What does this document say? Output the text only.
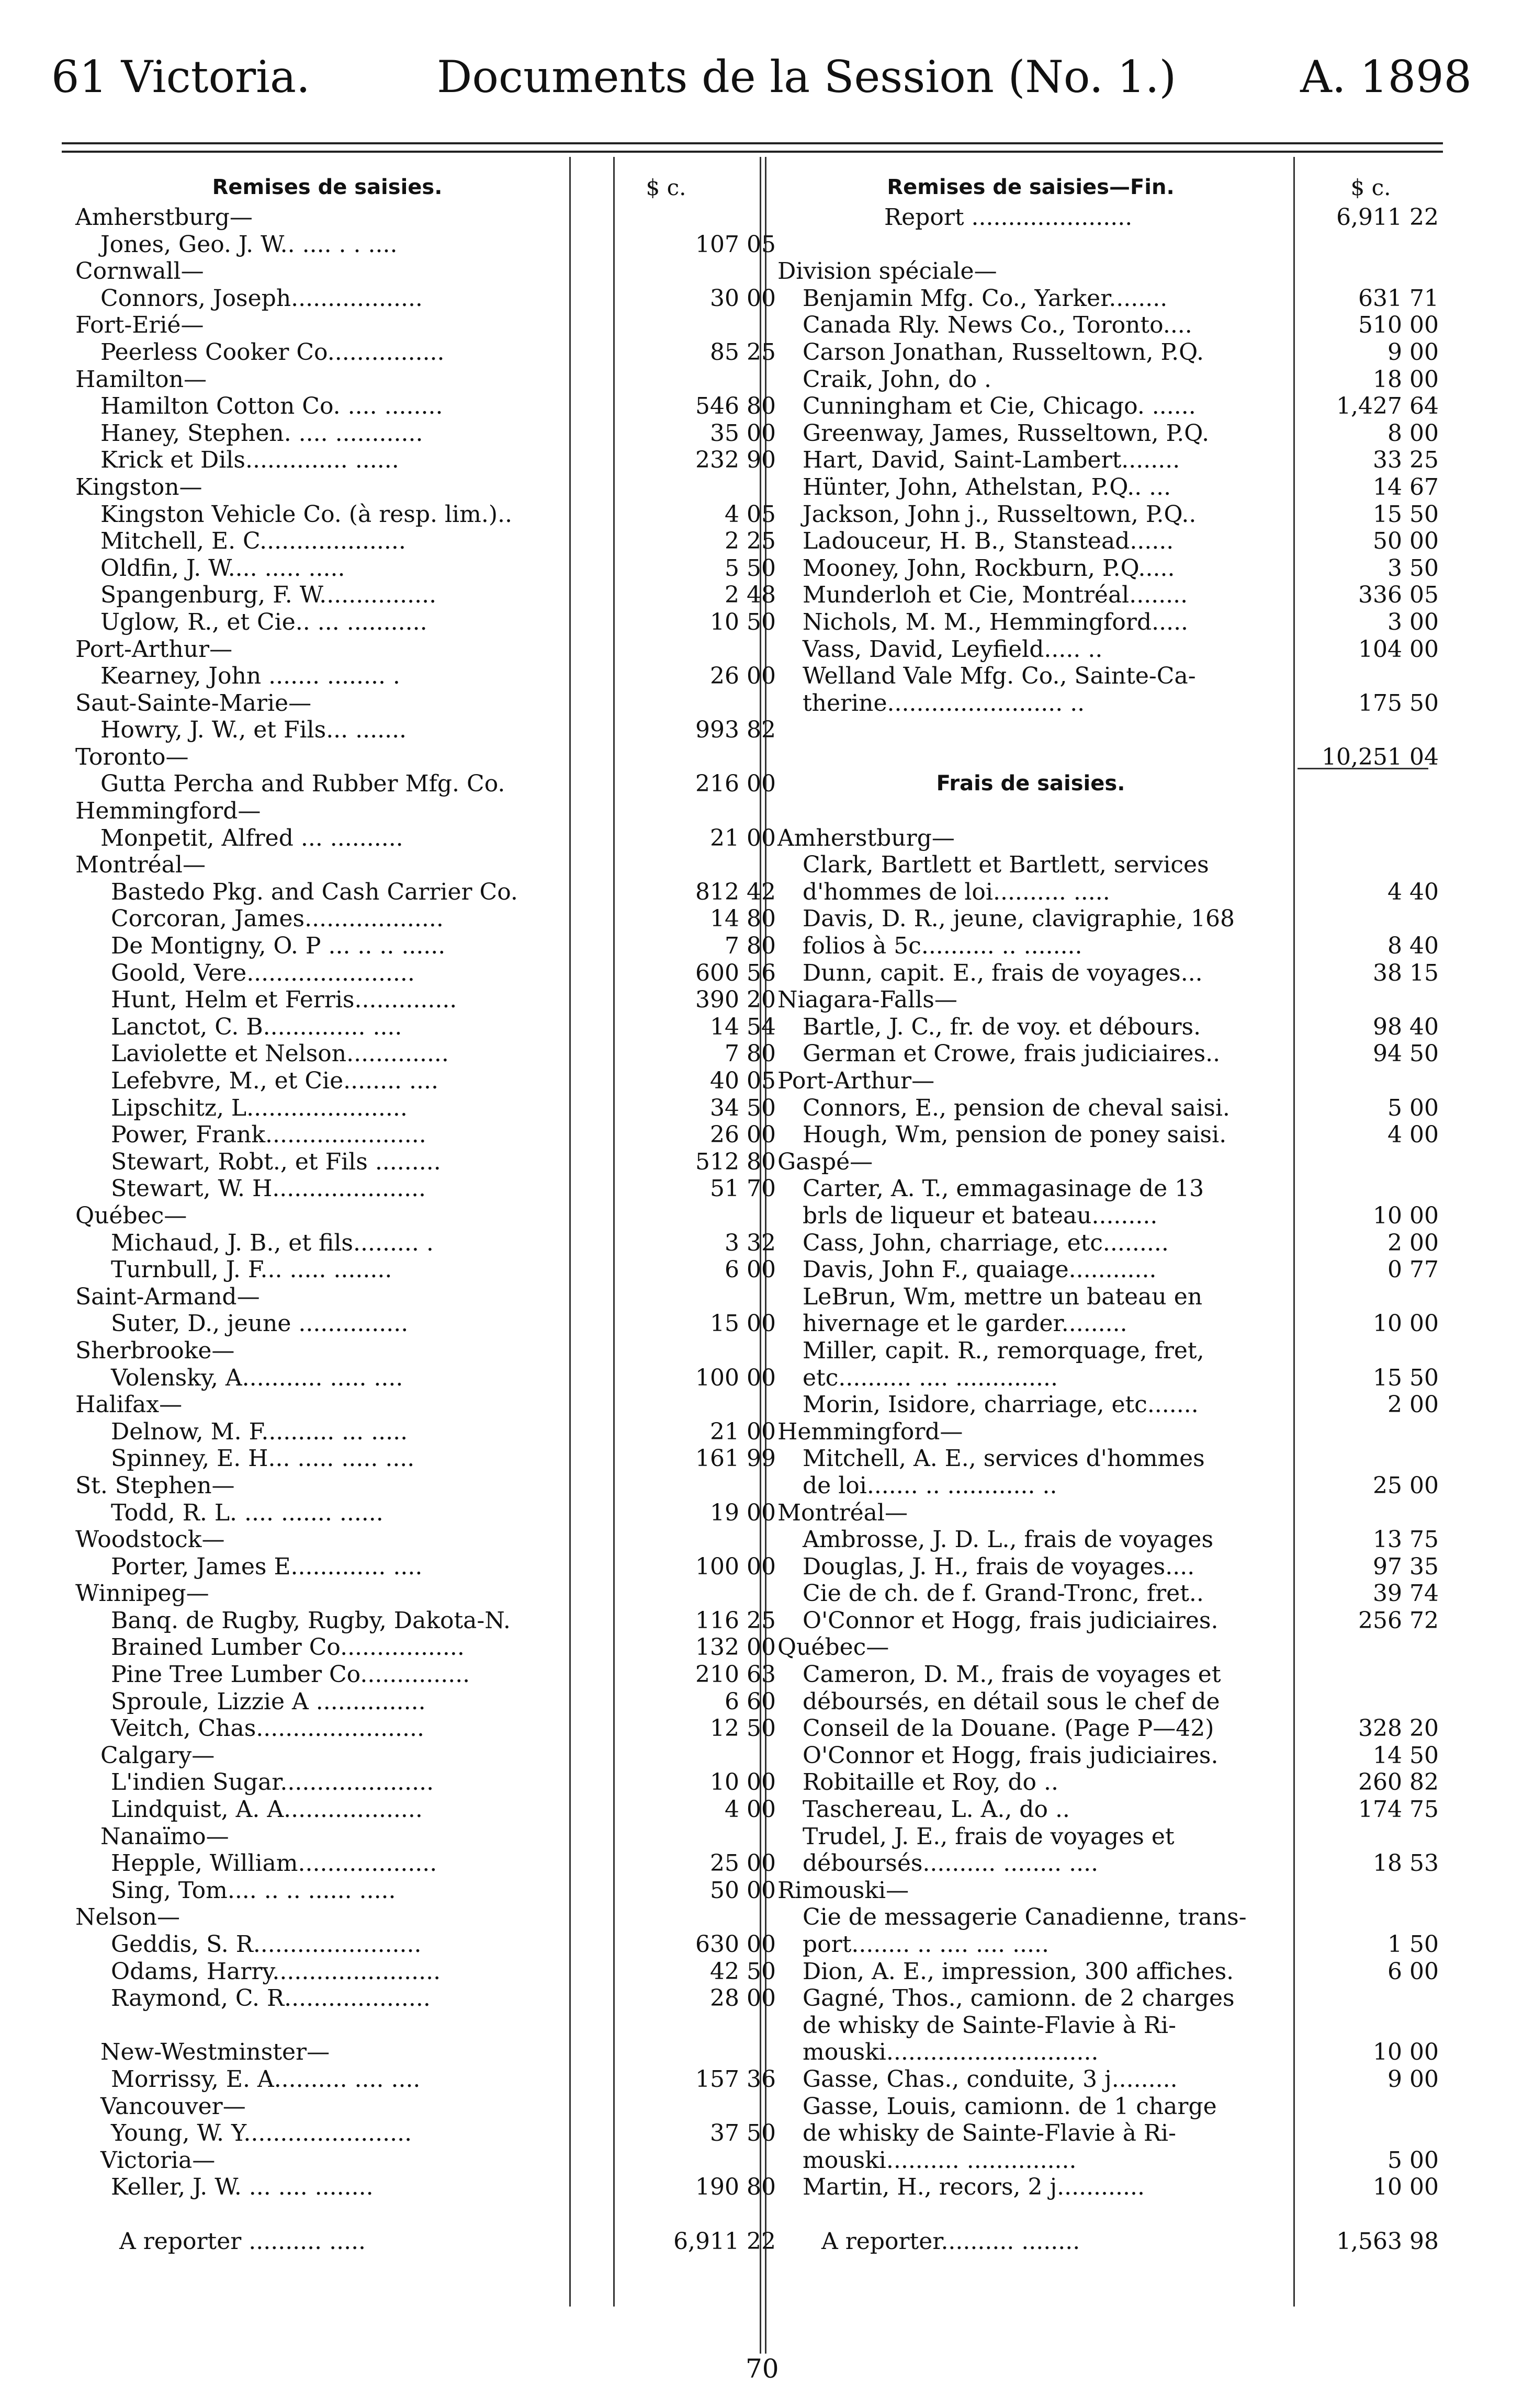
61 Victoria.	Documents de la Session (No. 1.)	A. 1898
Remises de saisies.	$ c.
Amherstburg—
Jones, Geo. J. W.. .... . . ....	107 05
Cornwall—
Connors, Joseph..................	30 00
Fort-Erié—
Peerless Cooker Co................	85 25
Hamilton—
Hamilton Cotton Co. .... ........	546 80
Haney, Stephen. .... ............	35 00
Krick et Dils.............. ......	232 90
Kingston—
Kingston Vehicle Co. (à resp. lim.)..	4 05
Mitchell, E. C....................	2 25
Oldfin, J. W.... ..... .....	5 50
Spangenburg, F. W................	2 48
Uglow, R., et Cie.. ... ...........	10 50
Port-Arthur—
Kearney, John ....... ........ .	26 00
Saut-Sainte-Marie—
Howry, J. W., et Fils... .......	993 82
Toronto—
Gutta Percha and Rubber Mfg. Co.	216 00
Hemmingford—
Monpetit, Alfred ... ..........	21 00
Montréal—
Bastedo Pkg. and Cash Carrier Co.	812 42
Corcoran, James...................	14 80
De Montigny, O. P ... .. .. ......	7 80
Goold, Vere.......................	600 56
Hunt, Helm et Ferris..............	390 20
Lanctot, C. B.............. ....	14 54
Laviolette et Nelson..............	7 80
Lefebvre, M., et Cie........ ....	40 05
Lipschitz, L......................	34 50
Power, Frank......................	26 00
Stewart, Robt., et Fils .........	512 80
Stewart, W. H.....................	51 70
Québec—
Michaud, J. B., et fils......... .	3 32
Turnbull, J. F... ..... ........	6 00
Saint-Armand—
Suter, D., jeune ...............	15 00
Sherbrooke—
Volensky, A........... ..... ....	100 00
Halifax—
Delnow, M. F.......... ... .....	21 00
Spinney, E. H... ..... ..... ....	161 99
St. Stephen—
Todd, R. L. .... ....... ......	19 00
Woodstock—
Porter, James E............. ....	100 00
Winnipeg—
Banq. de Rugby, Rugby, Dakota-N.	116 25
Brained Lumber Co.................	132 00
Pine Tree Lumber Co...............	210 63
Sproule, Lizzie A ...............	6 60
Veitch, Chas.......................	12 50
Calgary—
L'indien Sugar.....................	10 00
Lindquist, A. A...................	4 00
Nanaïmo—
Hepple, William...................	25 00
Sing, Tom.... .. .. ...... .....	50 00
Nelson—
Geddis, S. R.......................	630 00
Odams, Harry.......................	42 50
Raymond, C. R....................	28 00
New-Westminster—
Morrissy, E. A.......... .... ....	157 36
Vancouver—
Young, W. Y.......................	37 50
Victoria—
Keller, J. W. ... .... ........	190 80
A reporter .......... .....	6,911 22
Remises de saisies—Fin.	$ c.
Report ......................	6,911 22
Division spéciale—
Benjamin Mfg. Co., Yarker........	631 71
Canada Rly. News Co., Toronto....	510 00
Carson Jonathan, Russeltown, P.Q.	9 00
Craik, John, do .	18 00
Cunningham et Cie, Chicago. ......	1,427 64
Greenway, James, Russeltown, P.Q.	8 00
Hart, David, Saint-Lambert........	33 25
Hünter, John, Athelstan, P.Q.. ...	14 67
Jackson, John j., Russeltown, P.Q..	15 50
Ladouceur, H. B., Stanstead......	50 00
Mooney, John, Rockburn, P.Q.....	3 50
Munderloh et Cie, Montréal........	336 05
Nichols, M. M., Hemmingford.....	3 00
Vass, David, Leyfield..... ..	104 00
Welland Vale Mfg. Co., Sainte-Ca-
therine........................ ..	175 50
10,251 04
Frais de saisies.
Amherstburg—
Clark, Bartlett et Bartlett, services
d'hommes de loi.......... .....	4 40
Davis, D. R., jeune, clavigraphie, 168
folios à 5c.......... .. ........	8 40
Dunn, capit. E., frais de voyages...	38 15
Niagara-Falls—
Bartle, J. C., fr. de voy. et débours.	98 40
German et Crowe, frais judiciaires..	94 50
Port-Arthur—
Connors, E., pension de cheval saisi.	5 00
Hough, Wm, pension de poney saisi.	4 00
Gaspé—
Carter, A. T., emmagasinage de 13
brls de liqueur et bateau.........	10 00
Cass, John, charriage, etc.........	2 00
Davis, John F., quaiage............	0 77
LeBrun, Wm, mettre un bateau en
hivernage et le garder.........	10 00
Miller, capit. R., remorquage, fret,
etc.......... .... ..............	15 50
Morin, Isidore, charriage, etc.......	2 00
Hemmingford—
Mitchell, A. E., services d'hommes
de loi....... .. ............ ..	25 00
Montréal—
Ambrosse, J. D. L., frais de voyages	13 75
Douglas, J. H., frais de voyages....	97 35
Cie de ch. de f. Grand-Tronc, fret..	39 74
O'Connor et Hogg, frais judiciaires.	256 72
Québec—
Cameron, D. M., frais de voyages et
déboursés, en détail sous le chef de
Conseil de la Douane. (Page P—42)	328 20
O'Connor et Hogg, frais judiciaires.	14 50
Robitaille et Roy, do ..	260 82
Taschereau, L. A., do ..	174 75
Trudel, J. E., frais de voyages et
déboursés.......... ........ ....	18 53
Rimouski—
Cie de messagerie Canadienne, trans-
port........ .. .... .... .....	1 50
Dion, A. E., impression, 300 affiches.	6 00
Gagné, Thos., camionn. de 2 charges
de whisky de Sainte-Flavie à Ri-
mouski.............................	10 00
Gasse, Chas., conduite, 3 j.........	9 00
Gasse, Louis, camionn. de 1 charge
de whisky de Sainte-Flavie à Ri-
mouski.......... ...............	5 00
Martin, H., recors, 2 j............	10 00
A reporter.......... ........	1,563 98
70
